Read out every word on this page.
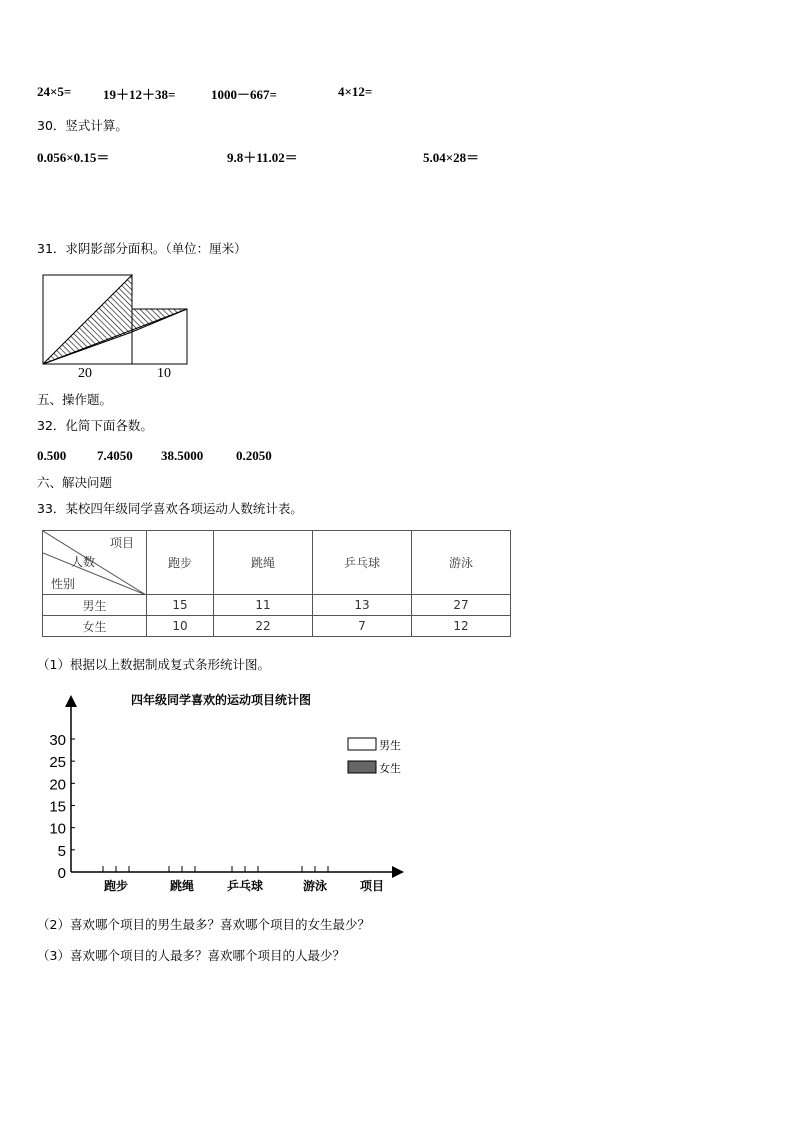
24×5= 19＋12＋38=	1000－667=	4×12=
30．竖式计算。
0.056×0.15＝	9.8＋11.02＝	5.04×28＝
31．求阴影部分面积。（单位：厘米）
20	10
五、操作题。
32．化简下面各数。
0.500 7.4050 38.5000	0.2050
六、解决问题
33．某校四年级同学喜欢各项运动人数统计表。
项目
人数
性别	跑步	跳绳	乒乓球	游泳
男生	15	11	13	27
女生	10	22	7	12
（1）根据以上数据制成复式条形统计图。
四年级同学喜欢的运动项目统计图
0
5
10
15
20
25
30
跑步	跳绳	乒乓球	游泳	项目
男生
女生
（2）喜欢哪个项目的男生最多？喜欢哪个项目的女生最少？
（3）喜欢哪个项目的人最多？喜欢哪个项目的人最少？
